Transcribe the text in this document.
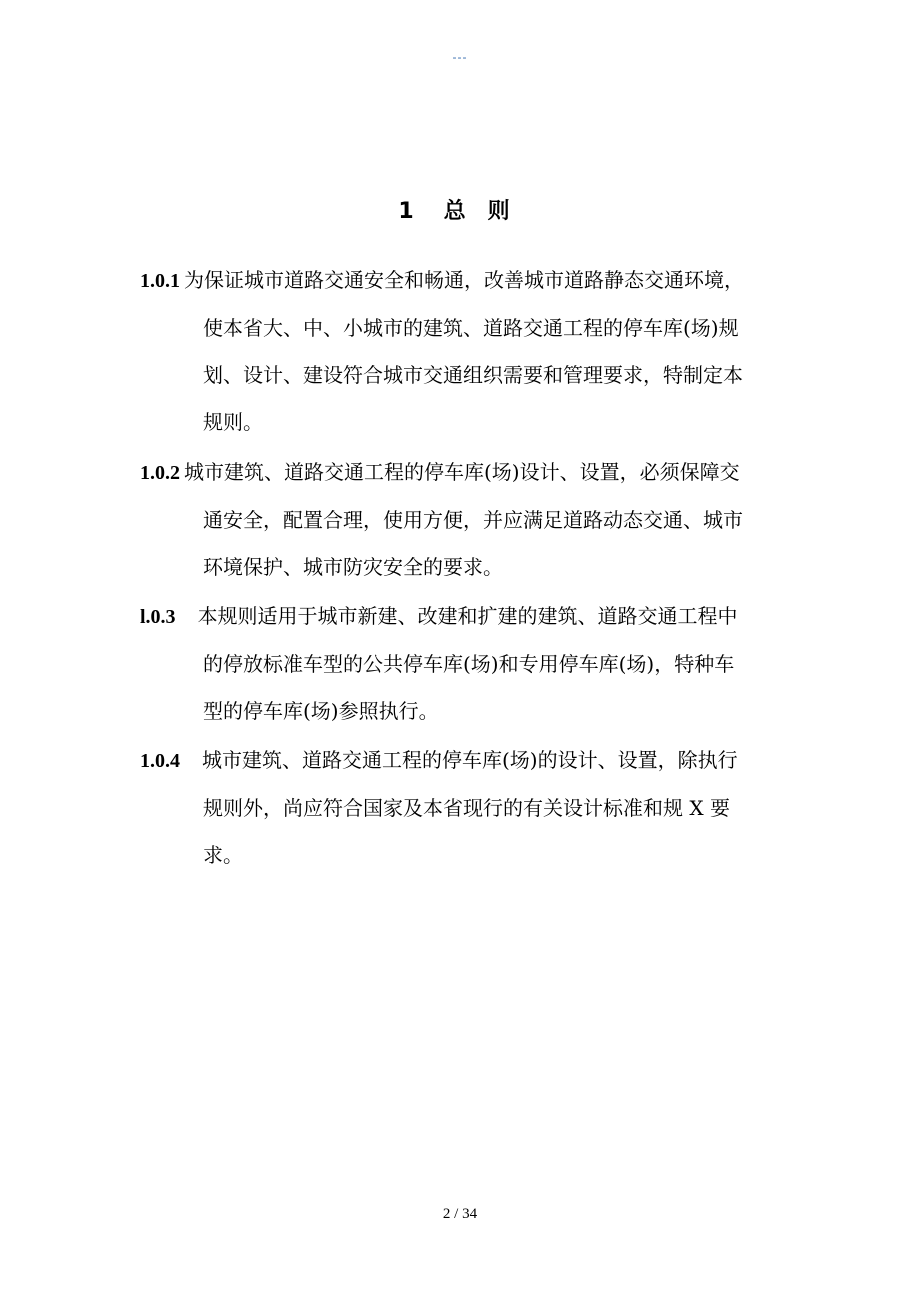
---
1 总 则
1.0.1 为保证城市道路交通安全和畅通，改善城市道路静态交通环境，
使本省大、中、小城市的建筑、道路交通工程的停车库(场)规
划、设计、建设符合城市交通组织需要和管理要求，特制定本
规则。
1.0.2 城市建筑、道路交通工程的停车库(场)设计、设置，必须保障交
通安全，配置合理，使用方便，并应满足道路动态交通、城市
环境保护、城市防灾安全的要求。
l.0.3 本规则适用于城市新建、改建和扩建的建筑、道路交通工程中
的停放标准车型的公共停车库(场)和专用停车库(场)，特种车
型的停车库(场)参照执行。
1.0.4 城市建筑、道路交通工程的停车库(场)的设计、设置，除执行
规则外，尚应符合国家及本省现行的有关设计标准和规 X 要
求。
2 / 34
